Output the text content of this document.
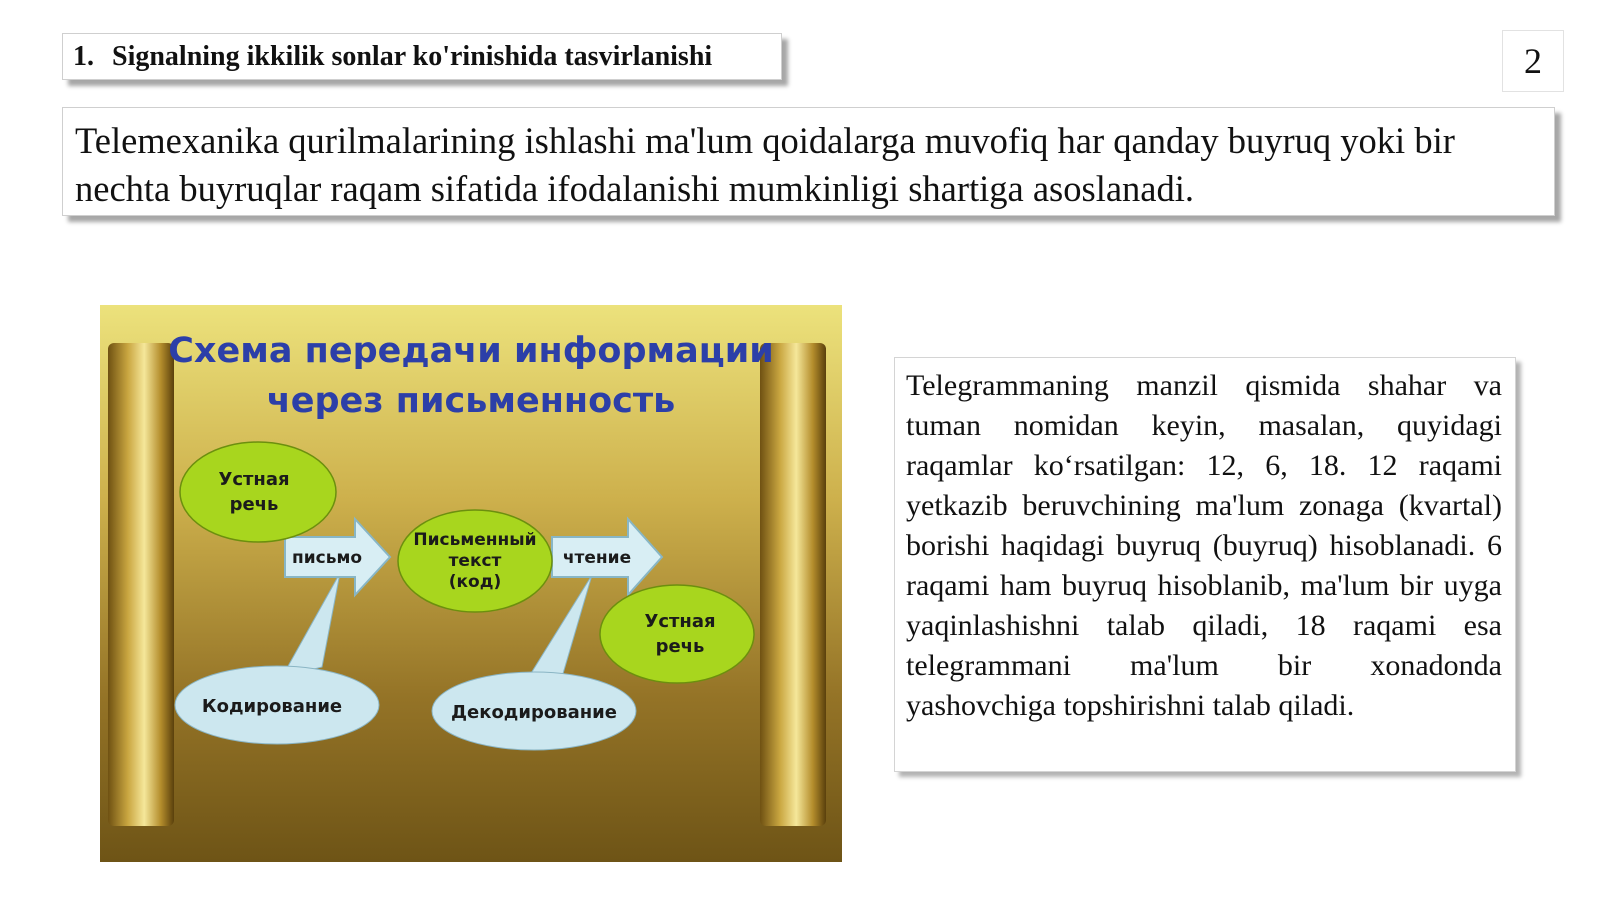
1. Signalning ikkilik sonlar ko'rinishida tasvirlanishi	2
Telemexanika qurilmalarining ishlashi ma'lum qoidalarga muvofiq har qanday buyruq yoki bir nechta buyruqlar raqam sifatida ifodalanishi mumkinligi shartiga asoslanadi.
Схема передачи информации
через письменность
письмо	чтение
Устная
речь
Письменный
текст
(код)
Устная
речь
Кодирование	Декодирование
Telegrammaning manzil qismida shahar va tuman nomidan keyin, masalan, quyidagi raqamlar ko‘rsatilgan: 12, 6, 18. 12 raqami yetkazib beruvchining ma'lum zonaga (kvartal) borishi haqidagi buyruq (buyruq) hisoblanadi. 6 raqami ham buyruq hisoblanib, ma'lum bir uyga yaqinlashishni talab qiladi, 18 raqami esa telegrammani ma'lum bir xonadonda yashovchiga topshirishni talab qiladi.
